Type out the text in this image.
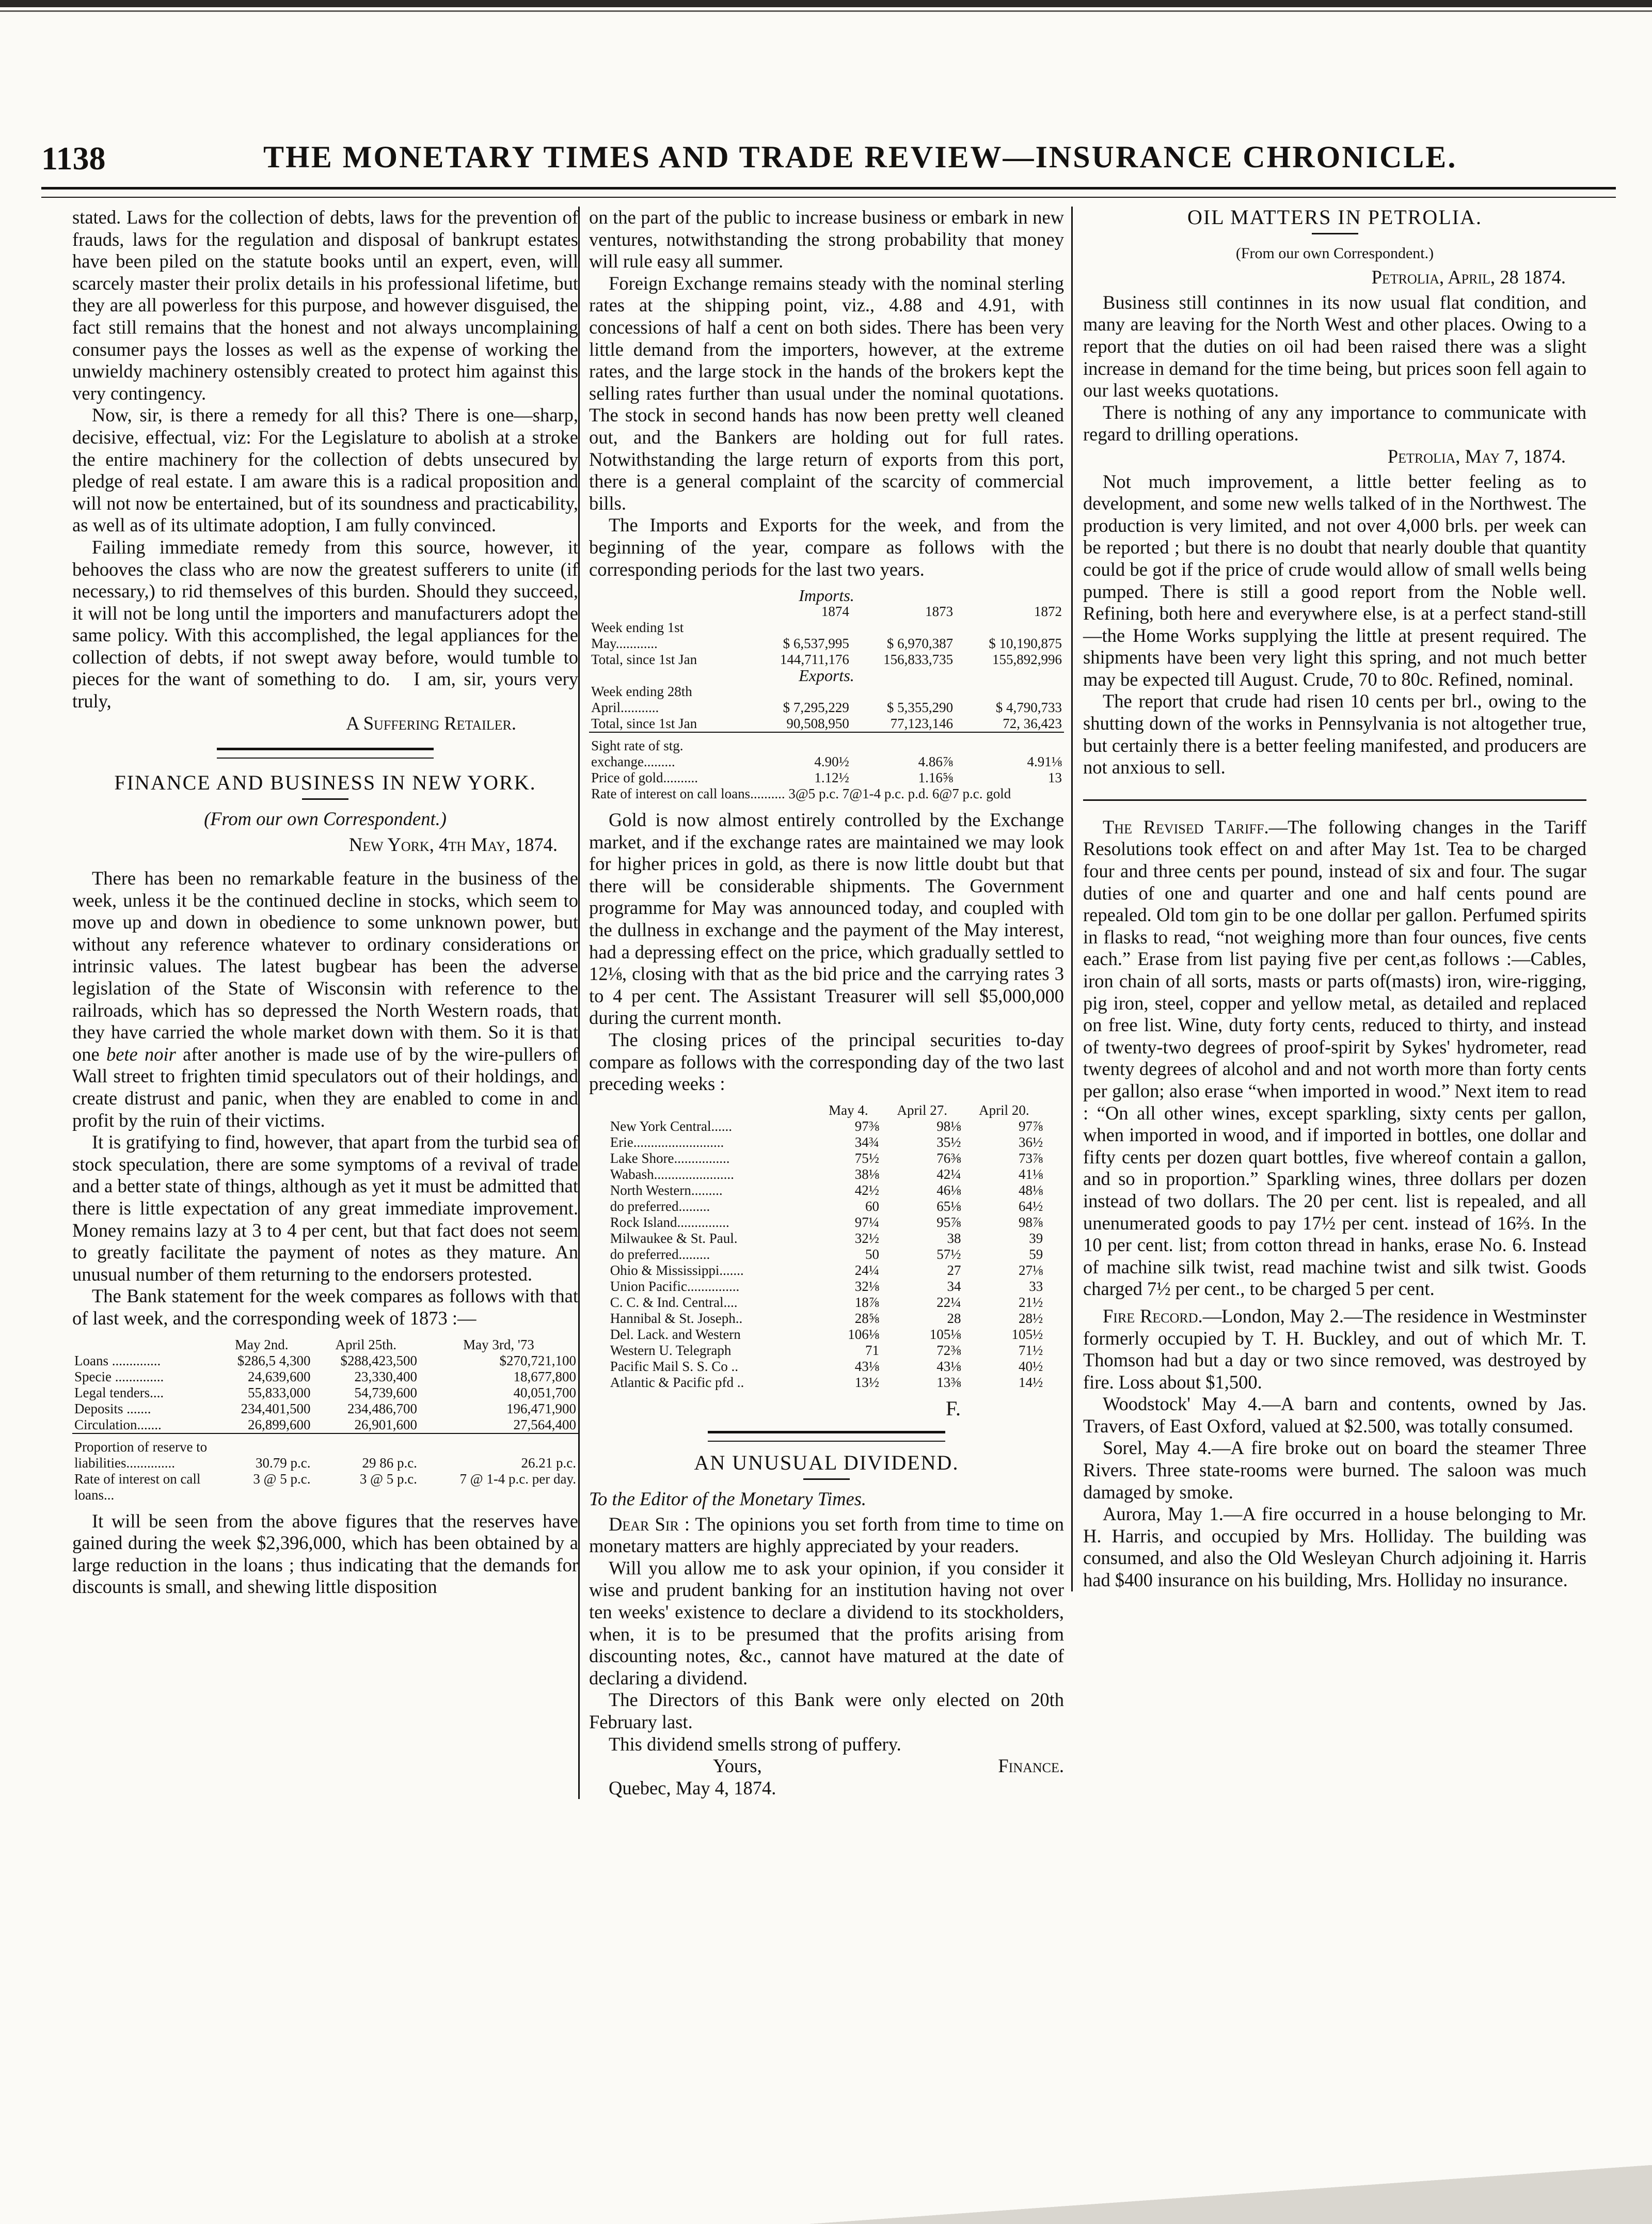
1138	THE MONETARY TIMES AND TRADE REVIEW—INSURANCE CHRONICLE.

stated. Laws for the collection of debts, laws for the prevention of frauds, laws for the regulation and disposal of bankrupt estates have been piled on the statute books until an expert, even, will scarcely master their prolix details in his professional lifetime, but they are all powerless for this purpose, and however disguised, the fact still remains that the honest and not always uncomplaining consumer pays the losses as well as the expense of working the unwieldy machinery ostensibly created to protect him against this very contingency.

Now, sir, is there a remedy for all this? There is one—sharp, decisive, effectual, viz: For the Legislature to abolish at a stroke the entire machinery for the collection of debts unsecured by pledge of real estate. I am aware this is a radical proposition and will not now be entertained, but of its soundness and practicability, as well as of its ultimate adoption, I am fully convinced.

Failing immediate remedy from this source, however, it behooves the class who are now the greatest sufferers to unite (if necessary,) to rid themselves of this burden. Should they succeed, it will not be long until the importers and manufacturers adopt the same policy. With this accomplished, the legal appliances for the collection of debts, if not swept away before, would tumble to pieces for the want of something to do. I am, sir, yours very truly,

A Suffering Retailer.

FINANCE AND BUSINESS IN NEW YORK.

(From our own Correspondent.)

New York, 4th May, 1874.

There has been no remarkable feature in the business of the week, unless it be the continued decline in stocks, which seem to move up and down in obedience to some unknown power, but without any reference whatever to ordinary considerations or intrinsic values. The latest bugbear has been the adverse legislation of the State of Wisconsin with reference to the railroads, which has so depressed the North Western roads, that they have carried the whole market down with them. So it is that one bete noir after another is made use of by the wire-pullers of Wall street to frighten timid speculators out of their holdings, and create distrust and panic, when they are enabled to come in and profit by the ruin of their victims.

It is gratifying to find, however, that apart from the turbid sea of stock speculation, there are some symptoms of a revival of trade and a better state of things, although as yet it must be admitted that there is little expectation of any great immediate improvement. Money remains lazy at 3 to 4 per cent, but that fact does not seem to greatly facilitate the payment of notes as they mature. An unusual number of them returning to the endorsers protested.

The Bank statement for the week compares as follows with that of last week, and the corresponding week of 1873 :—

	May 2nd.	April 25th.	May 3rd, '73
Loans ..............	$286,5 4,300	$288,423,500	$270,721,100
Specie ..............	24,639,600	23,330,400	18,677,800
Legal tenders....	55,833,000	54,739,600	40,051,700
Deposits .......	234,401,500	234,486,700	196,471,900
Circulation.......	26,899,600	26,901,600	27,564,400

Proportion of reserve to liabilities..............	30.79 p.c.	29 86 p.c.	26.21 p.c.
Rate of interest on call loans...	3 @ 5 p.c.	3 @ 5 p.c.	7 @ 1-4 p.c. per day.

It will be seen from the above figures that the reserves have gained during the week $2,396,000, which has been obtained by a large reduction in the loans ; thus indicating that the demands for discounts is small, and shewing little disposition

on the part of the public to increase business or embark in new ventures, notwithstanding the strong probability that money will rule easy all summer.

Foreign Exchange remains steady with the nominal sterling rates at the shipping point, viz., 4.88 and 4.91, with concessions of half a cent on both sides. There has been very little demand from the importers, however, at the extreme rates, and the large stock in the hands of the brokers kept the selling rates further than usual under the nominal quotations. The stock in second hands has now been pretty well cleaned out, and the Bankers are holding out for full rates. Notwithstanding the large return of exports from this port, there is a general complaint of the scarcity of commercial bills.

The Imports and Exports for the week, and from the beginning of the year, compare as follows with the corresponding periods for the last two years.

Imports.			
	1874	1873	1872
Week ending 1st May............	$ 6,537,995	$ 6,970,387	$ 10,190,875
Total, since 1st Jan	144,711,176	156,833,735	155,892,996
Exports.			
Week ending 28th April...........	$ 7,295,229	$ 5,355,290	$ 4,790,733
Total, since 1st Jan	90,508,950	77,123,146	72, 36,423

Sight rate of stg. exchange.........	4.90½	4.86⅞	4.91⅛
Price of gold..........	1.12½	1.16⅝	13
Rate of interest on call loans.......... 3@5 p.c. 7@1-4 p.c. p.d. 6@7 p.c. gold			

Gold is now almost entirely controlled by the Exchange market, and if the exchange rates are maintained we may look for higher prices in gold, as there is now little doubt but that there will be considerable shipments. The Government programme for May was announced today, and coupled with the dullness in exchange and the payment of the May interest, had a depressing effect on the price, which gradually settled to 12⅛, closing with that as the bid price and the carrying rates 3 to 4 per cent. The Assistant Treasurer will sell $5,000,000 during the current month.

The closing prices of the principal securities to-day compare as follows with the corresponding day of the two last preceding weeks :

	May 4.	April 27.	April 20.
New York Central......	97⅜	98⅛	97⅞
Erie..........................	34¾	35½	36½
Lake Shore................	75½	76⅜	73⅞
Wabash.......................	38⅛	42¼	41⅛
North Western.........	42½	46⅛	48⅛
do preferred.........	60	65⅛	64½
Rock Island...............	97¼	95⅞	98⅞
Milwaukee & St. Paul.	32½	38	39
do preferred.........	50	57½	59
Ohio & Mississippi.......	24¼	27	27⅛
Union Pacific...............	32⅛	34	33
C. C. & Ind. Central....	18⅞	22¼	21½
Hannibal & St. Joseph..	28⅝	28	28½
Del. Lack. and Western	106⅛	105⅛	105½
Western U. Telegraph	71	72⅜	71½
Pacific Mail S. S. Co ..	43⅛	43⅛	40½
Atlantic & Pacific pfd ..	13½	13⅜	14½

F.

AN UNUSUAL DIVIDEND.

To the Editor of the Monetary Times.

Dear Sir : The opinions you set forth from time to time on monetary matters are highly appreciated by your readers.

Will you allow me to ask your opinion, if you consider it wise and prudent banking for an institution having not over ten weeks' existence to declare a dividend to its stockholders, when, it is to be presumed that the profits arising from discounting notes, &c., cannot have matured at the date of declaring a dividend.

The Directors of this Bank were only elected on 20th February last.

This dividend smells strong of puffery.

Yours,	Finance.

Quebec, May 4, 1874.

OIL MATTERS IN PETROLIA.

(From our own Correspondent.)

Petrolia, April, 28 1874.

Business still continnes in its now usual flat condition, and many are leaving for the North West and other places. Owing to a report that the duties on oil had been raised there was a slight increase in demand for the time being, but prices soon fell again to our last weeks quotations.

There is nothing of any any importance to communicate with regard to drilling operations.

Petrolia, May 7, 1874.

Not much improvement, a little better feeling as to development, and some new wells talked of in the Northwest. The production is very limited, and not over 4,000 brls. per week can be reported ; but there is no doubt that nearly double that quantity could be got if the price of crude would allow of small wells being pumped. There is still a good report from the Noble well. Refining, both here and everywhere else, is at a perfect stand-still—the Home Works supplying the little at present required. The shipments have been very light this spring, and not much better may be expected till August. Crude, 70 to 80c. Refined, nominal.

The report that crude had risen 10 cents per brl., owing to the shutting down of the works in Pennsylvania is not altogether true, but certainly there is a better feeling manifested, and producers are not anxious to sell.

The Revised Tariff.—The following changes in the Tariff Resolutions took effect on and after May 1st. Tea to be charged four and three cents per pound, instead of six and four. The sugar duties of one and quarter and one and half cents pound are repealed. Old tom gin to be one dollar per gallon. Perfumed spirits in flasks to read, “not weighing more than four ounces, five cents each.” Erase from list paying five per cent,as follows :—Cables, iron chain of all sorts, masts or parts of(masts) iron, wire-rigging, pig iron, steel, copper and yellow metal, as detailed and replaced on free list. Wine, duty forty cents, reduced to thirty, and instead of twenty-two degrees of proof-spirit by Sykes' hydrometer, read twenty degrees of alcohol and and not worth more than forty cents per gallon; also erase “when imported in wood.” Next item to read : “On all other wines, except sparkling, sixty cents per gallon, when imported in wood, and if imported in bottles, one dollar and fifty cents per dozen quart bottles, five whereof contain a gallon, and so in proportion.” Sparkling wines, three dollars per dozen instead of two dollars. The 20 per cent. list is repealed, and all unenumerated goods to pay 17½ per cent. instead of 16⅔. In the 10 per cent. list; from cotton thread in hanks, erase No. 6. Instead of machine silk twist, read machine twist and silk twist. Goods charged 7½ per cent., to be charged 5 per cent.

Fire Record.—London, May 2.—The residence in Westminster formerly occupied by T. H. Buckley, and out of which Mr. T. Thomson had but a day or two since removed, was destroyed by fire. Loss about $1,500.

Woodstock' May 4.—A barn and contents, owned by Jas. Travers, of East Oxford, valued at $2.500, was totally consumed.

Sorel, May 4.—A fire broke out on board the steamer Three Rivers. Three state-rooms were burned. The saloon was much damaged by smoke.

Aurora, May 1.—A fire occurred in a house belonging to Mr. H. Harris, and occupied by Mrs. Holliday. The building was consumed, and also the Old Wesleyan Church adjoining it. Harris had $400 insurance on his building, Mrs. Holliday no insurance.
